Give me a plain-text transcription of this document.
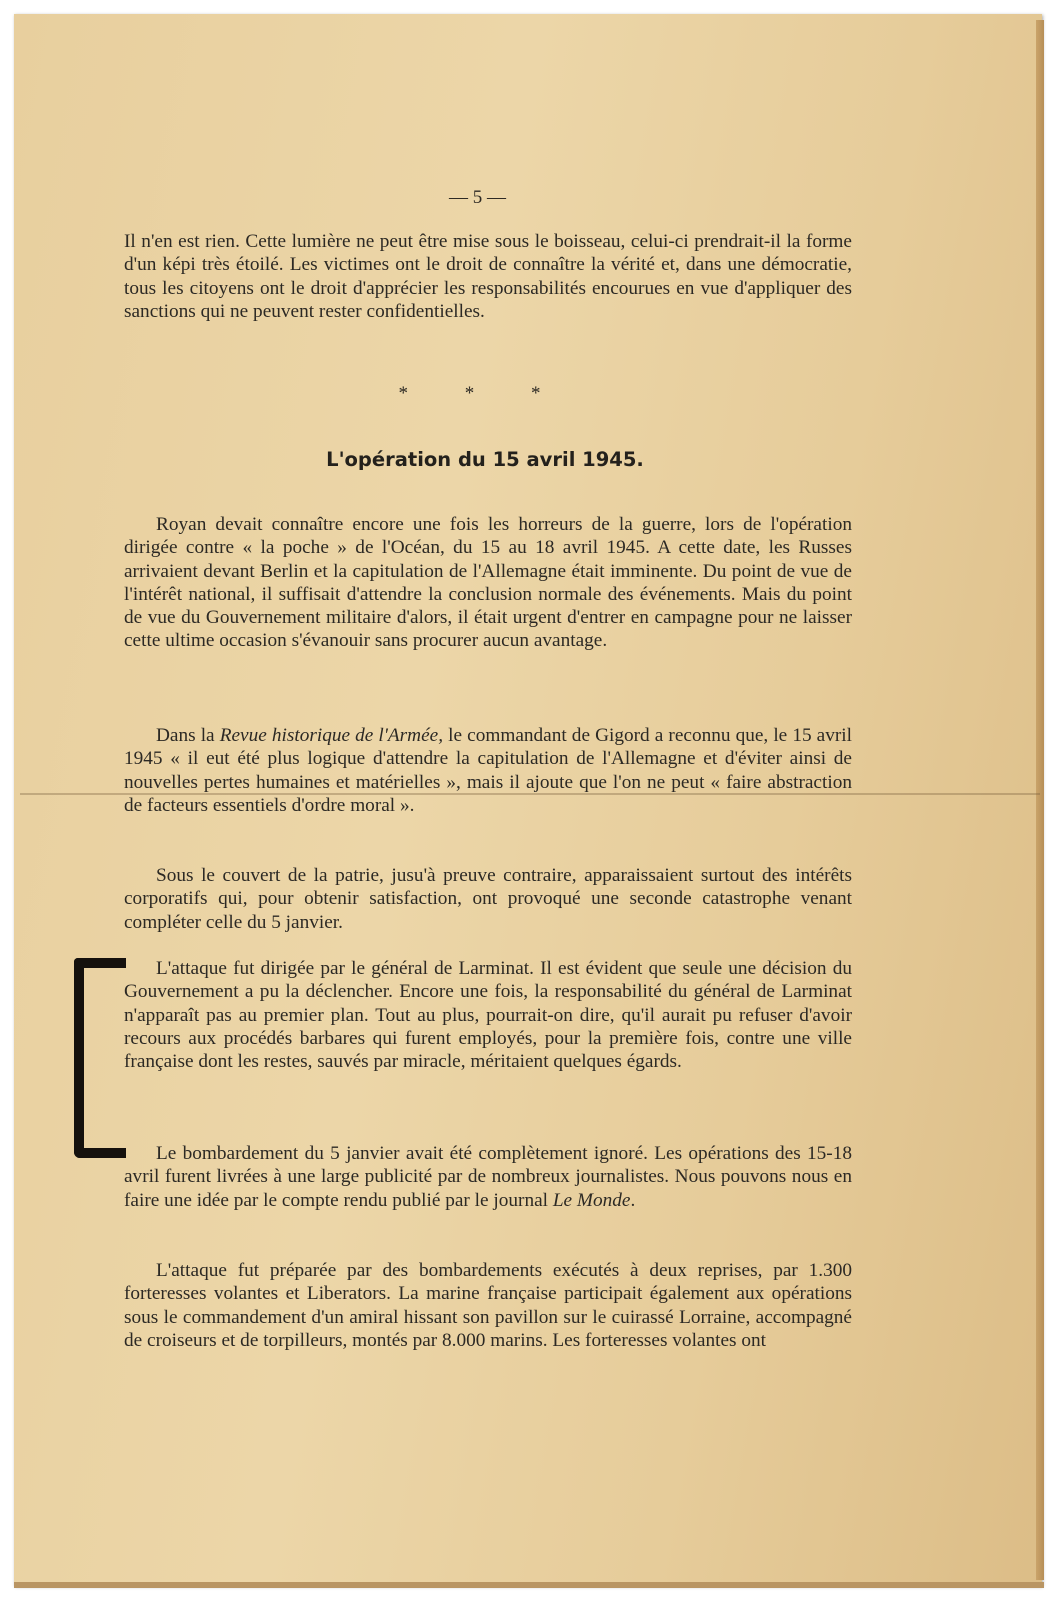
— 5 —

Il n'en est rien. Cette lumière ne peut être mise sous le boisseau, celui-ci prendrait-il la forme d'un képi très étoilé. Les victimes ont le droit de connaître la vérité et, dans une démocratie, tous les citoyens ont le droit d'apprécier les responsabilités encourues en vue d'appliquer des sanctions qui ne peuvent rester confidentielles.

* * *
L'opération du 15 avril 1945.

Royan devait connaître encore une fois les horreurs de la guerre, lors de l'opération dirigée contre « la poche » de l'Océan, du 15 au 18 avril 1945. A cette date, les Russes arrivaient devant Berlin et la capitulation de l'Allemagne était imminente. Du point de vue de l'intérêt national, il suffisait d'attendre la conclusion normale des événements. Mais du point de vue du Gouvernement militaire d'alors, il était urgent d'entrer en campagne pour ne laisser cette ultime occasion s'évanouir sans procurer aucun avantage.

Dans la Revue historique de l'Armée, le commandant de Gigord a reconnu que, le 15 avril 1945 « il eut été plus logique d'attendre la capitulation de l'Allemagne et d'éviter ainsi de nouvelles pertes humaines et matérielles », mais il ajoute que l'on ne peut « faire abstraction de facteurs essentiels d'ordre moral ».

Sous le couvert de la patrie, jusu'à preuve contraire, apparaissaient surtout des intérêts corporatifs qui, pour obtenir satisfaction, ont provoqué une seconde catastrophe venant compléter celle du 5 janvier.

L'attaque fut dirigée par le général de Larminat. Il est évident que seule une décision du Gouvernement a pu la déclencher. Encore une fois, la responsabilité du général de Larminat n'apparaît pas au premier plan. Tout au plus, pourrait-on dire, qu'il aurait pu refuser d'avoir recours aux procédés barbares qui furent employés, pour la première fois, contre une ville française dont les restes, sauvés par miracle, méritaient quelques égards.

Le bombardement du 5 janvier avait été complètement ignoré. Les opérations des 15-18 avril furent livrées à une large publicité par de nombreux journalistes. Nous pouvons nous en faire une idée par le compte rendu publié par le journal Le Monde.

L'attaque fut préparée par des bombardements exécutés à deux reprises, par 1.300 forteresses volantes et Liberators. La marine française participait également aux opérations sous le commandement d'un amiral hissant son pavillon sur le cuirassé Lorraine, accompagné de croiseurs et de torpilleurs, montés par 8.000 marins. Les forteresses volantes ont
